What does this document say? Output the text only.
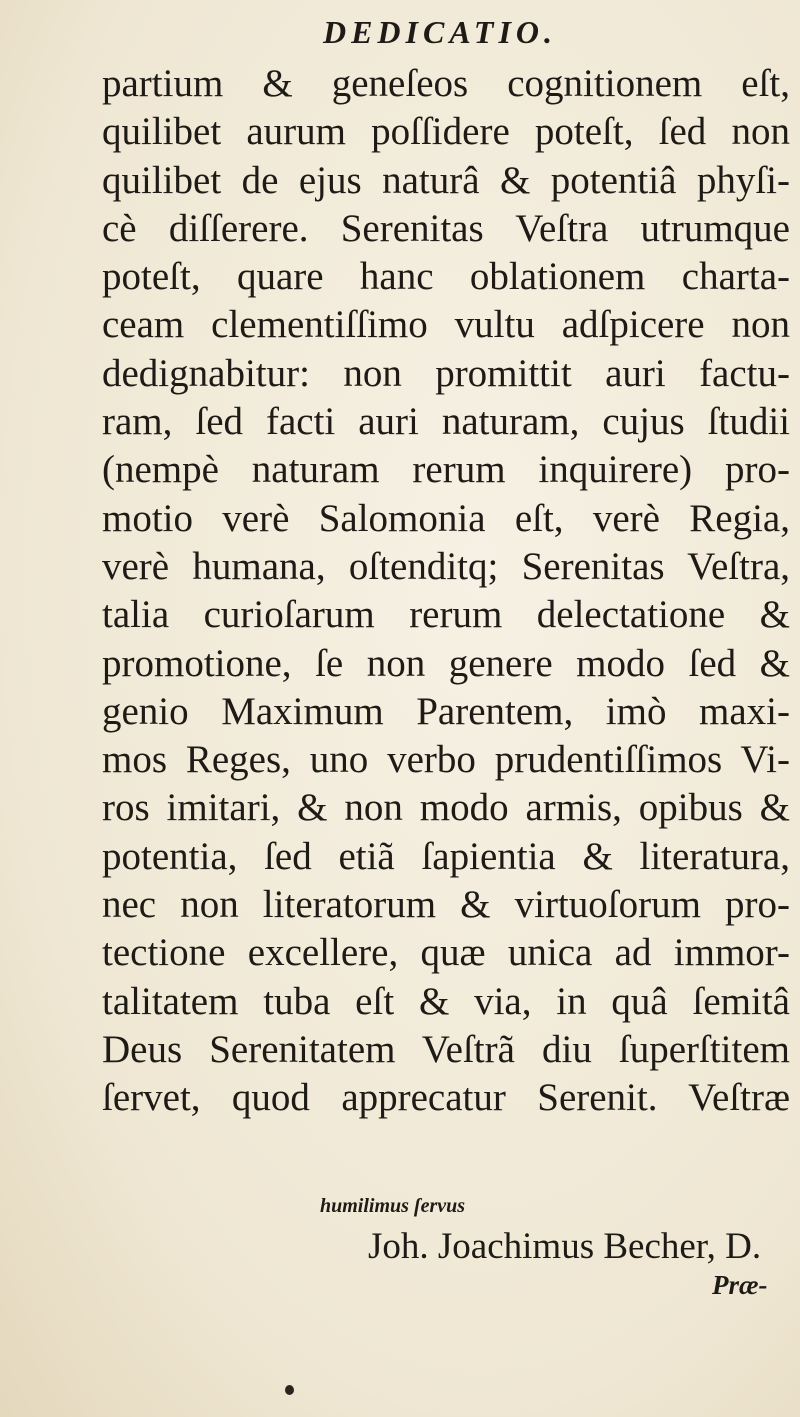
DEDICATIO.
partium & geneſeos cognitionem eſt,
quilibet aurum poſſidere poteſt, ſed non
quilibet de ejus naturâ & potentiâ phyſi-
cè diſſerere. Serenitas Veſtra utrumque
poteſt, quare hanc oblationem charta-
ceam clementiſſimo vultu adſpicere non
dedignabitur: non promittit auri factu-
ram, ſed facti auri naturam, cujus ſtudii
(nempè naturam rerum inquirere) pro-
motio verè Salomonia eſt, verè Regia,
verè humana, oſtenditq; Serenitas Veſtra,
talia curioſarum rerum delectatione &
promotione, ſe non genere modo ſed &
genio Maximum Parentem, imò maxi-
mos Reges, uno verbo prudentiſſimos Vi-
ros imitari, & non modo armis, opibus &
potentia, ſed etiã ſapientia & literatura,
nec non literatorum & virtuoſorum pro-
tectione excellere, quæ unica ad immor-
talitatem tuba eſt & via, in quâ ſemitâ
Deus Serenitatem Veſtrã diu ſuperſtitem
ſervet, quod apprecatur Serenit. Veſtræ
humilimus ſervus
Joh. Joachimus Becher, D.
Præ-
